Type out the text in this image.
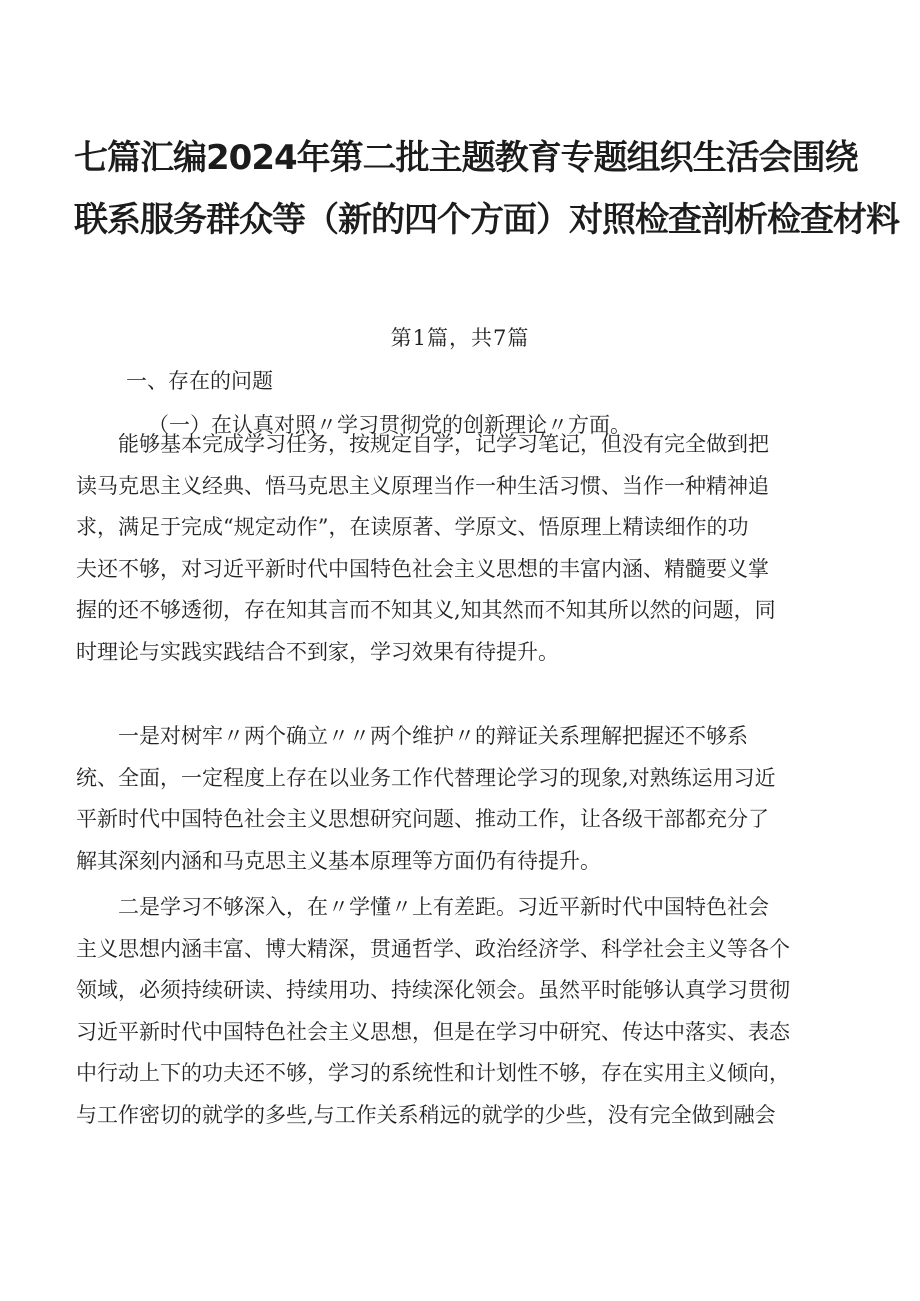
七篇汇编2024年第二批主题教育专题组织生活会围绕
联系服务群众等（新的四个方面）对照检查剖析检查材料
第1篇，共7篇
一、存在的问题
（一）在认真对照〃学习贯彻党的创新理论〃方面。
　　能够基本完成学习任务，按规定自学，记学习笔记，但没有完全做到把
读马克思主义经典、悟马克思主义原理当作一种生活习惯、当作一种精神追
求，满足于完成“规定动作”，在读原著、学原文、悟原理上精读细作的功
夫还不够，对习近平新时代中国特色社会主义思想的丰富内涵、精髓要义掌
握的还不够透彻，存在知其言而不知其义,知其然而不知其所以然的问题，同
时理论与实践实践结合不到家，学习效果有待提升。
　　一是对树牢〃两个确立〃〃两个维护〃的辩证关系理解把握还不够系
统、全面，一定程度上存在以业务工作代替理论学习的现象,对熟练运用习近
平新时代中国特色社会主义思想研究问题、推动工作，让各级干部都充分了
解其深刻内涵和马克思主义基本原理等方面仍有待提升。
　　二是学习不够深入，在〃学懂〃上有差距。习近平新时代中国特色社会
主义思想内涵丰富、博大精深，贯通哲学、政治经济学、科学社会主义等各个
领域，必须持续研读、持续用功、持续深化领会。虽然平时能够认真学习贯彻
习近平新时代中国特色社会主义思想，但是在学习中研究、传达中落实、表态
中行动上下的功夫还不够，学习的系统性和计划性不够，存在实用主义倾向，
与工作密切的就学的多些,与工作关系稍远的就学的少些，没有完全做到融会
